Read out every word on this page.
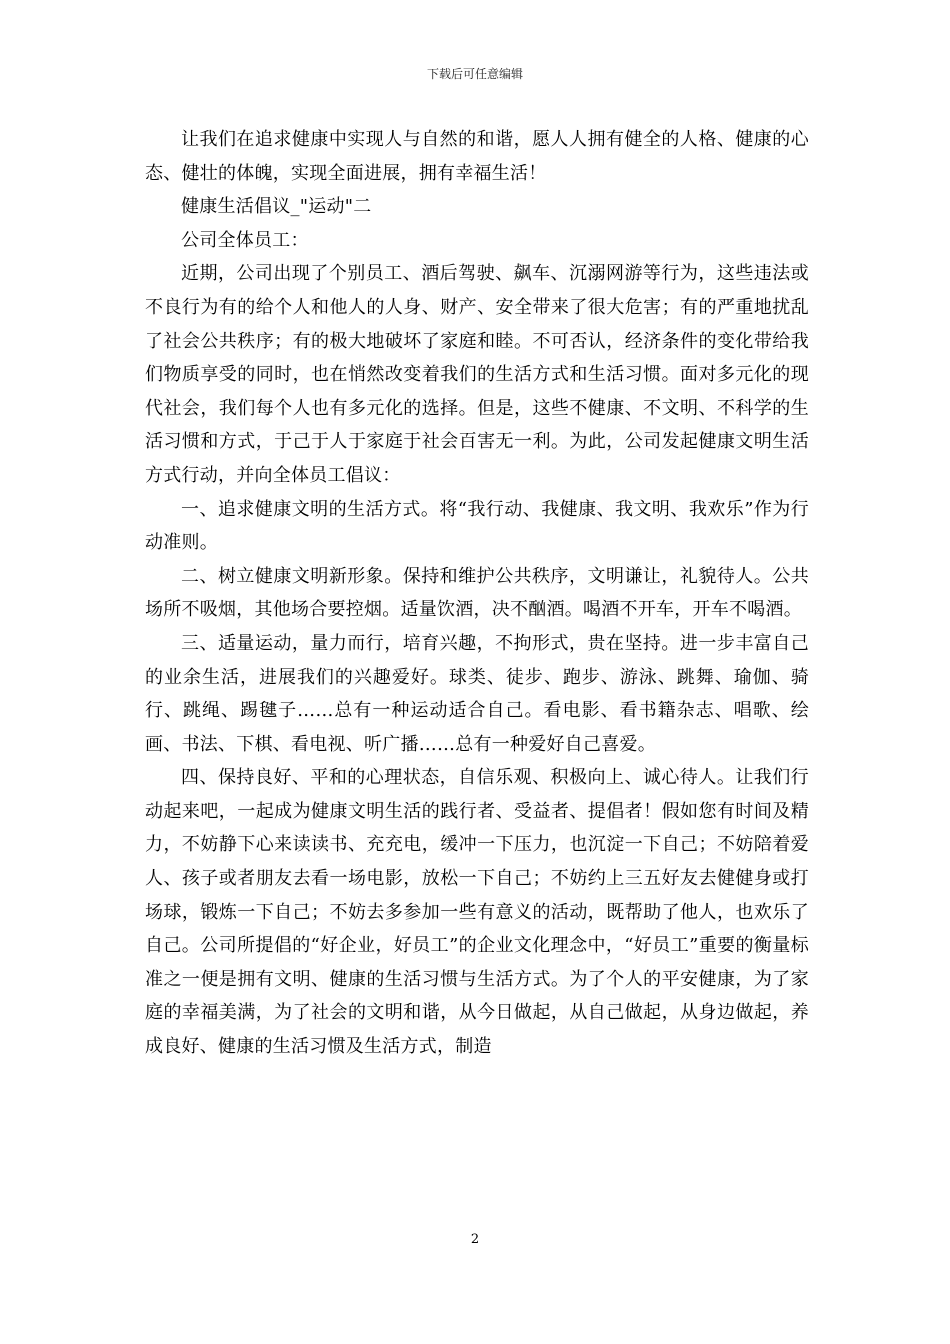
下载后可任意编辑

让我们在追求健康中实现人与自然的和谐，愿人人拥有健全的人格、健康的心态、健壮的体魄，实现全面进展，拥有幸福生活！

健康生活倡议_"运动"二

公司全体员工：

近期，公司出现了个别员工、酒后驾驶、飙车、沉溺网游等行为，这些违法或不良行为有的给个人和他人的人身、财产、安全带来了很大危害；有的严重地扰乱了社会公共秩序；有的极大地破坏了家庭和睦。不可否认，经济条件的变化带给我们物质享受的同时，也在悄然改变着我们的生活方式和生活习惯。面对多元化的现代社会，我们每个人也有多元化的选择。但是，这些不健康、不文明、不科学的生活习惯和方式，于己于人于家庭于社会百害无一利。为此，公司发起健康文明生活方式行动，并向全体员工倡议：

一、追求健康文明的生活方式。将“我行动、我健康、我文明、我欢乐”作为行动准则。

二、树立健康文明新形象。保持和维护公共秩序，文明谦让，礼貌待人。公共场所不吸烟，其他场合要控烟。适量饮酒，决不酗酒。喝酒不开车，开车不喝酒。

三、适量运动，量力而行，培育兴趣，不拘形式，贵在坚持。进一步丰富自己的业余生活，进展我们的兴趣爱好。球类、徒步、跑步、游泳、跳舞、瑜伽、骑行、跳绳、踢毽子……总有一种运动适合自己。看电影、看书籍杂志、唱歌、绘画、书法、下棋、看电视、听广播……总有一种爱好自己喜爱。

四、保持良好、平和的心理状态，自信乐观、积极向上、诚心待人。让我们行动起来吧，一起成为健康文明生活的践行者、受益者、提倡者！假如您有时间及精力，不妨静下心来读读书、充充电，缓冲一下压力，也沉淀一下自己；不妨陪着爱人、孩子或者朋友去看一场电影，放松一下自己；不妨约上三五好友去健健身或打场球，锻炼一下自己；不妨去多参加一些有意义的活动，既帮助了他人，也欢乐了自己。公司所提倡的“好企业，好员工”的企业文化理念中，“好员工”重要的衡量标准之一便是拥有文明、健康的生活习惯与生活方式。为了个人的平安健康，为了家庭的幸福美满，为了社会的文明和谐，从今日做起，从自己做起，从身边做起，养成良好、健康的生活习惯及生活方式，制造

2
